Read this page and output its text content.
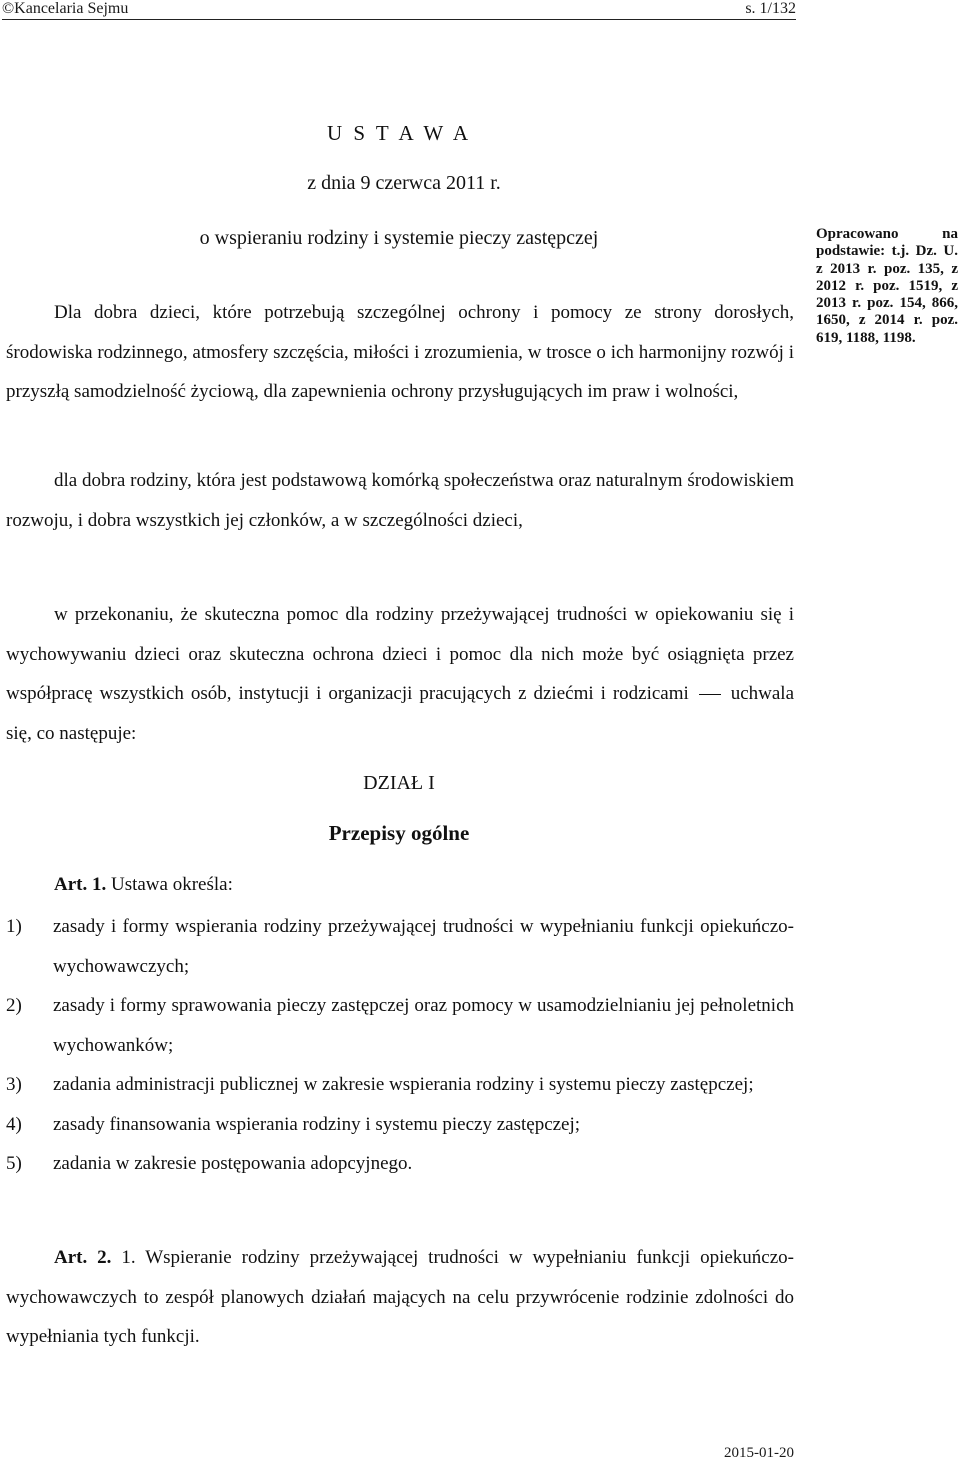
©Kancelaria Sejmu	s. 1/132
U S T A W A
z dnia 9 czerwca 2011 r.
o wspieraniu rodziny i systemie pieczy zastępczej	Opracowano na podstawie: t.j. Dz. U. z 2013 r. poz. 135, z 2012 r. poz. 1519, z 2013 r. poz. 154, 866, 1650, z 2014 r. poz. 619, 1188, 1198.
Dla dobra dzieci, które potrzebują szczególnej ochrony i pomocy ze strony dorosłych, środowiska rodzinnego, atmosfery szczęścia, miłości i zrozumienia, w trosce o ich harmonijny rozwój i przyszłą samodzielność życiową, dla zapewnienia ochrony przysługujących im praw i wolności,
dla dobra rodziny, która jest podstawową komórką społeczeństwa oraz naturalnym środowiskiem rozwoju, i dobra wszystkich jej członków, a w szczególności dzieci,
w przekonaniu, że skuteczna pomoc dla rodziny przeżywającej trudności w opiekowaniu się i wychowywaniu dzieci oraz skuteczna ochrona dzieci i pomoc dla nich może być osiągnięta przez współpracę wszystkich osób, instytucji i organizacji pracujących z dziećmi i rodzicami uchwala się, co następuje:
DZIAŁ I
Przepisy ogólne
Art. 1. Ustawa określa:
1)	zasady i formy wspierania rodziny przeżywającej trudności w wypełnianiu funkcji opiekuńczo-wychowawczych;
2)	zasady i formy sprawowania pieczy zastępczej oraz pomocy w usamodzielnianiu jej pełnoletnich wychowanków;
3)	zadania administracji publicznej w zakresie wspierania rodziny i systemu pieczy zastępczej;
4)	zasady finansowania wspierania rodziny i systemu pieczy zastępczej;
5)	zadania w zakresie postępowania adopcyjnego.
Art. 2. 1. Wspieranie rodziny przeżywającej trudności w wypełnianiu funkcji opiekuńczo-wychowawczych to zespół planowych działań mających na celu przywrócenie rodzinie zdolności do wypełniania tych funkcji.
2015-01-20
